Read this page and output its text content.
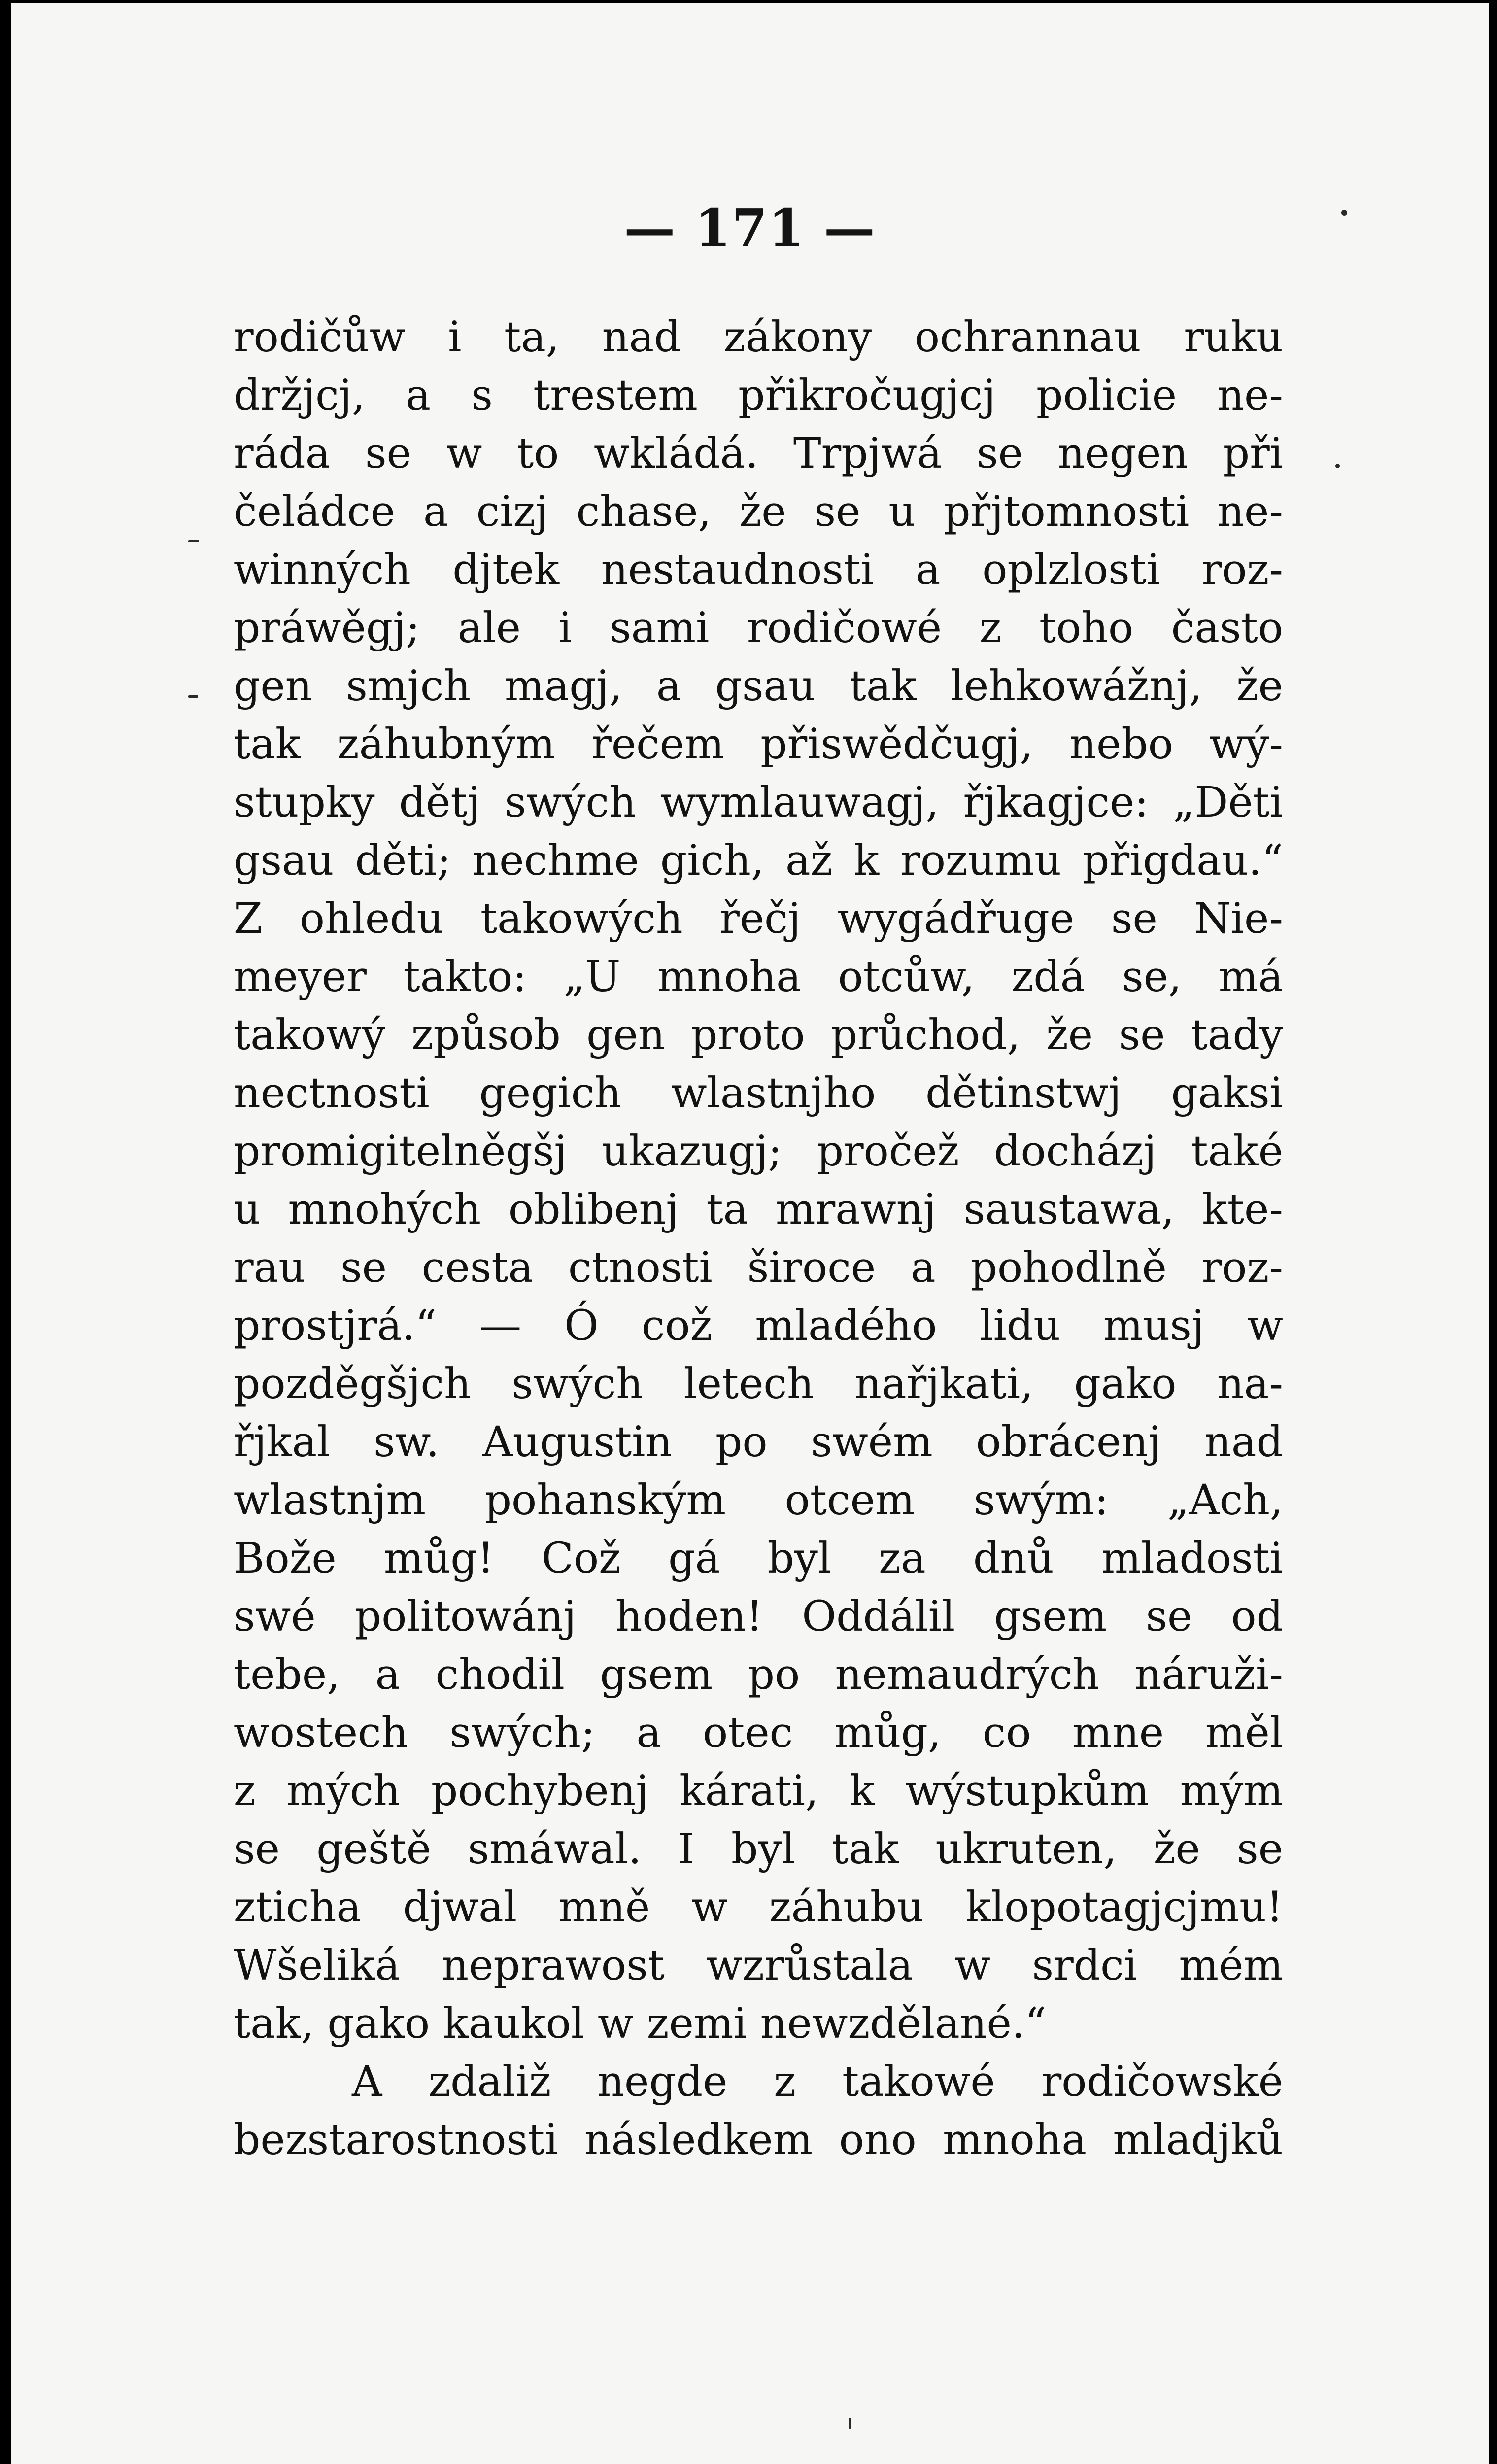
— 171 —
rodičůw i ta, nad zákony ochrannau ruku
držjcj, a s trestem přikročugjcj policie ne-
ráda se w to wkládá. Trpjwá se negen při
čeládce a cizj chase, že se u přjtomnosti ne-
winných djtek nestaudnosti a oplzlosti roz-
práwěgj; ale i sami rodičowé z toho často
gen smjch magj, a gsau tak lehkowážnj, že
tak záhubným řečem přiswědčugj, nebo wý-
stupky dětj swých wymlauwagj, řjkagjce: „Děti
gsau děti; nechme gich, až k rozumu přigdau.“
Z ohledu takowých řečj wygádřuge se Nie-
meyer takto: „U mnoha otcůw, zdá se, má
takowý způsob gen proto průchod, že se tady
nectnosti gegich wlastnjho dětinstwj gaksi
promigitelněgšj ukazugj; pročež docházj také
u mnohých oblibenj ta mrawnj saustawa, kte-
rau se cesta ctnosti široce a pohodlně roz-
prostjrá.“ — Ó což mladého lidu musj w
pozděgšjch swých letech nařjkati, gako na-
řjkal sw. Augustin po swém obrácenj nad
wlastnjm pohanským otcem swým: „Ach,
Bože můg! Což gá byl za dnů mladosti
swé politowánj hoden! Oddálil gsem se od
tebe, a chodil gsem po nemaudrých náruži-
wostech swých; a otec můg, co mne měl
z mých pochybenj kárati, k wýstupkům mým
se geště smáwal. I byl tak ukruten, že se
zticha djwal mně w záhubu klopotagjcjmu!
Wšeliká neprawost wzrůstala w srdci mém
tak, gako kaukol w zemi newzdělané.“
A zdaliž negde z takowé rodičowské
bezstarostnosti následkem ono mnoha mladjků
